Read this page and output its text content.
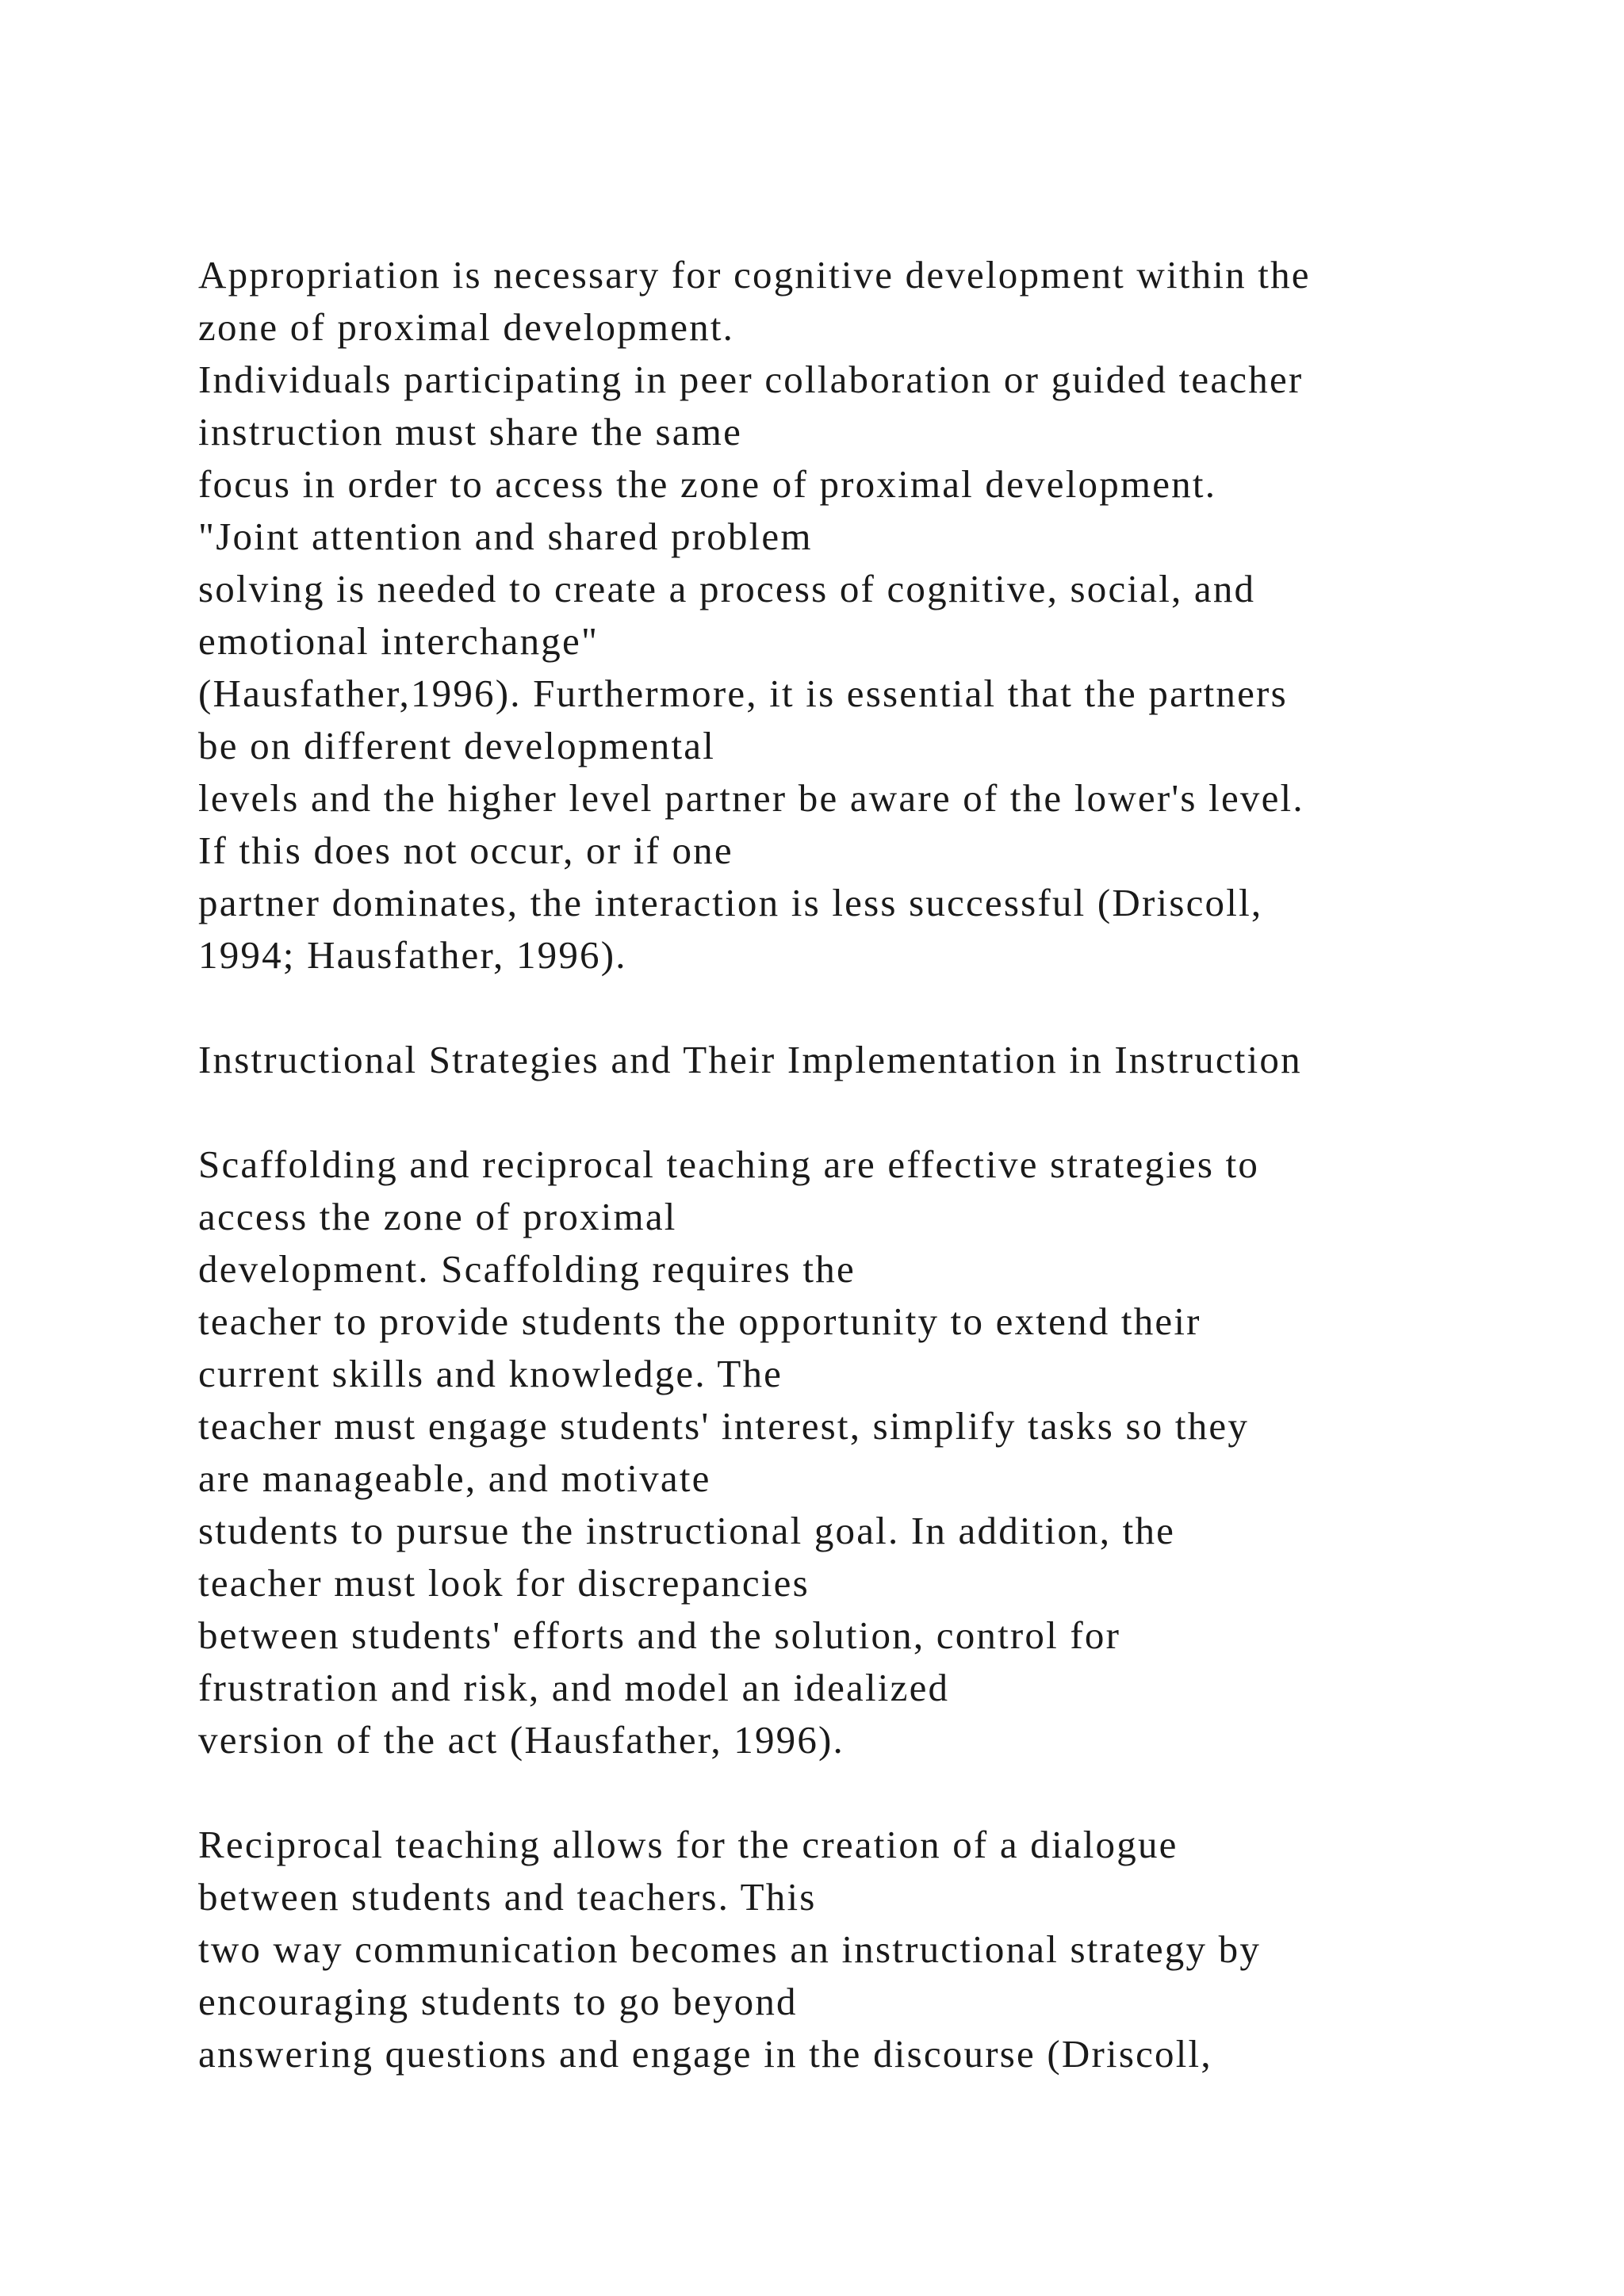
Appropriation is necessary for cognitive development within the
zone of proximal development.
Individuals participating in peer collaboration or guided teacher
instruction must share the same
focus in order to access the zone of proximal development.
"Joint attention and shared problem
solving is needed to create a process of cognitive, social, and
emotional interchange"
(Hausfather,1996). Furthermore, it is essential that the partners
be on different developmental
levels and the higher level partner be aware of the lower's level.
If this does not occur, or if one
partner dominates, the interaction is less successful (Driscoll,
1994; Hausfather, 1996).
Instructional Strategies and Their Implementation in Instruction
Scaffolding and reciprocal teaching are effective strategies to
access the zone of proximal
development. Scaffolding requires the
teacher to provide students the opportunity to extend their
current skills and knowledge. The
teacher must engage students' interest, simplify tasks so they
are manageable, and motivate
students to pursue the instructional goal. In addition, the
teacher must look for discrepancies
between students' efforts and the solution, control for
frustration and risk, and model an idealized
version of the act (Hausfather, 1996).
Reciprocal teaching allows for the creation of a dialogue
between students and teachers. This
two way communication becomes an instructional strategy by
encouraging students to go beyond
answering questions and engage in the discourse (Driscoll,
